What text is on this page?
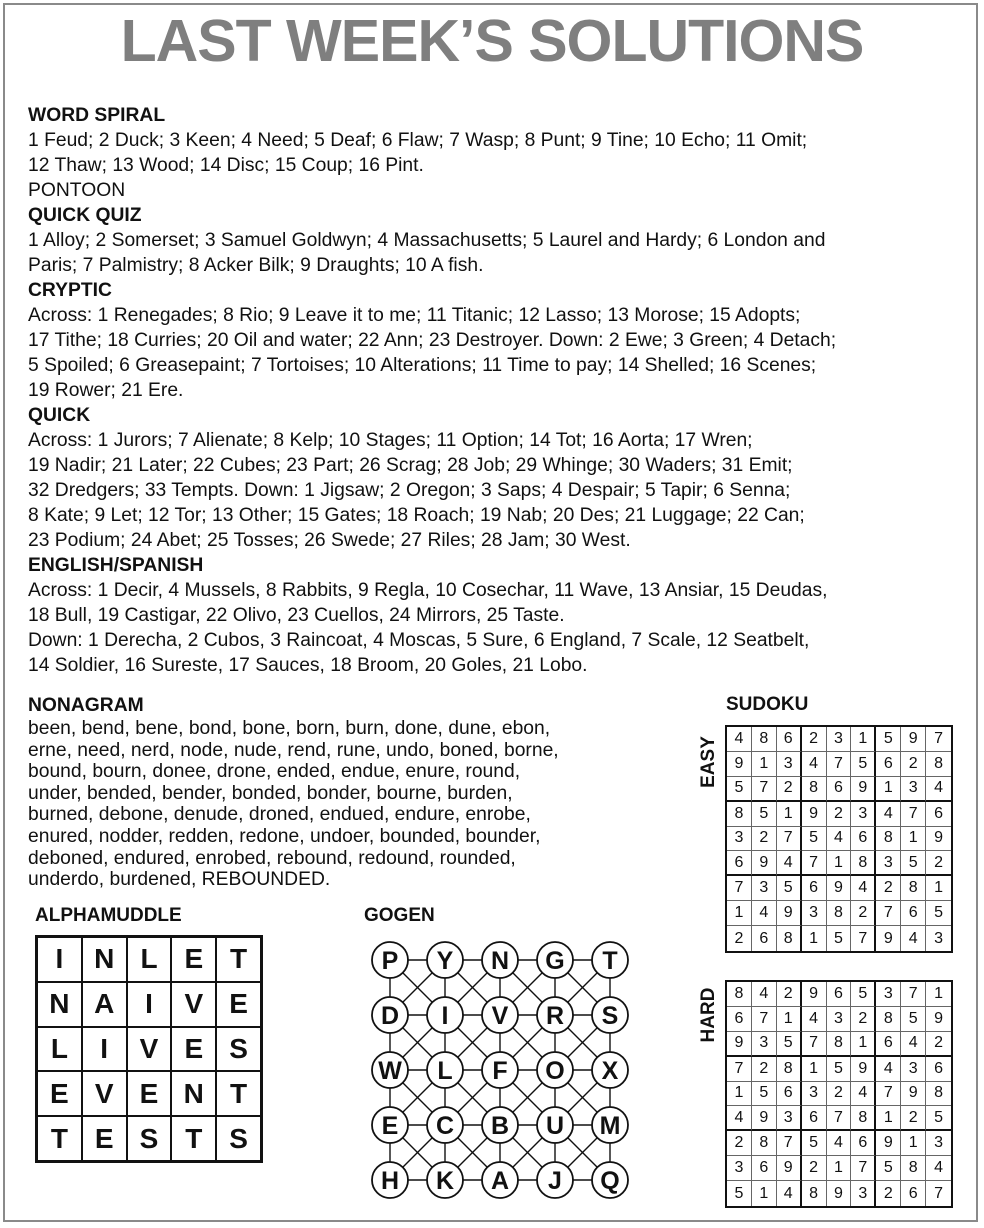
LAST WEEK’S SOLUTIONS
WORD SPIRAL
1 Feud; 2 Duck; 3 Keen; 4 Need; 5 Deaf; 6 Flaw; 7 Wasp; 8 Punt; 9 Tine; 10 Echo; 11 Omit;
12 Thaw; 13 Wood; 14 Disc; 15 Coup; 16 Pint.
PONTOON
QUICK QUIZ
1 Alloy; 2 Somerset; 3 Samuel Goldwyn; 4 Massachusetts; 5 Laurel and Hardy; 6 London and
Paris; 7 Palmistry; 8 Acker Bilk; 9 Draughts; 10 A fish.
CRYPTIC
Across: 1 Renegades; 8 Rio; 9 Leave it to me; 11 Titanic; 12 Lasso; 13 Morose; 15 Adopts;
17 Tithe; 18 Curries; 20 Oil and water; 22 Ann; 23 Destroyer. Down: 2 Ewe; 3 Green; 4 Detach;
5 Spoiled; 6 Greasepaint; 7 Tortoises; 10 Alterations; 11 Time to pay; 14 Shelled; 16 Scenes;
19 Rower; 21 Ere.
QUICK
Across: 1 Jurors; 7 Alienate; 8 Kelp; 10 Stages; 11 Option; 14 Tot; 16 Aorta; 17 Wren;
19 Nadir; 21 Later; 22 Cubes; 23 Part; 26 Scrag; 28 Job; 29 Whinge; 30 Waders; 31 Emit;
32 Dredgers; 33 Tempts. Down: 1 Jigsaw; 2 Oregon; 3 Saps; 4 Despair; 5 Tapir; 6 Senna;
8 Kate; 9 Let; 12 Tor; 13 Other; 15 Gates; 18 Roach; 19 Nab; 20 Des; 21 Luggage; 22 Can;
23 Podium; 24 Abet; 25 Tosses; 26 Swede; 27 Riles; 28 Jam; 30 West.
ENGLISH/SPANISH
Across: 1 Decir, 4 Mussels, 8 Rabbits, 9 Regla, 10 Cosechar, 11 Wave, 13 Ansiar, 15 Deudas,
18 Bull, 19 Castigar, 22 Olivo, 23 Cuellos, 24 Mirrors, 25 Taste.
Down: 1 Derecha, 2 Cubos, 3 Raincoat, 4 Moscas, 5 Sure, 6 England, 7 Scale, 12 Seatbelt,
14 Soldier, 16 Sureste, 17 Sauces, 18 Broom, 20 Goles, 21 Lobo.
NONAGRAM
been, bend, bene, bond, bone, born, burn, done, dune, ebon,
erne, need, nerd, node, nude, rend, rune, undo, boned, borne,
bound, bourn, donee, drone, ended, endue, enure, round,
under, bended, bender, bonded, bonder, bourne, burden,
burned, debone, denude, droned, endued, endure, enrobe,
enured, nodder, redden, redone, undoer, bounded, bounder,
deboned, endured, enrobed, rebound, redound, rounded,
underdo, burdened, REBOUNDED.
ALPHAMUDDLE
I	N L E T
N A	I	V E
L	I	V E S
E V E N T
T E S T S
GOGEN
P Y N G T
D I V R S
W L F O X
E C B U M
H K A J Q
SUDOKU
EASY 4 8 6	2 3 1	5 9	7
9 1 3	4 7 5	6 2	8
5 7 2	8 6 9	1 3	4
8 5 1	9 2 3	4 7	6
3 2 7	5 4 6	8 1	9
6 9 4	7 1 8	3 5	2
7 3 5	6 9 4	2 8	1
1 4 9	3 8 2	7 6	5
2 6 8	1 5 7	9 4	3
HARD 8 4 2	9 6 5	3 7	1
6 7 1	4 3 2	8 5	9
9 3 5	7 8 1	6 4	2
7 2 8	1 5 9	4 3	6
1 5 6	3 2 4	7 9	8
4 9 3	6 7 8	1 2	5
2 8 7	5 4 6	9 1	3
3 6 9	2 1 7	5 8	4
5 1 4	8 9 3	2 6	7
